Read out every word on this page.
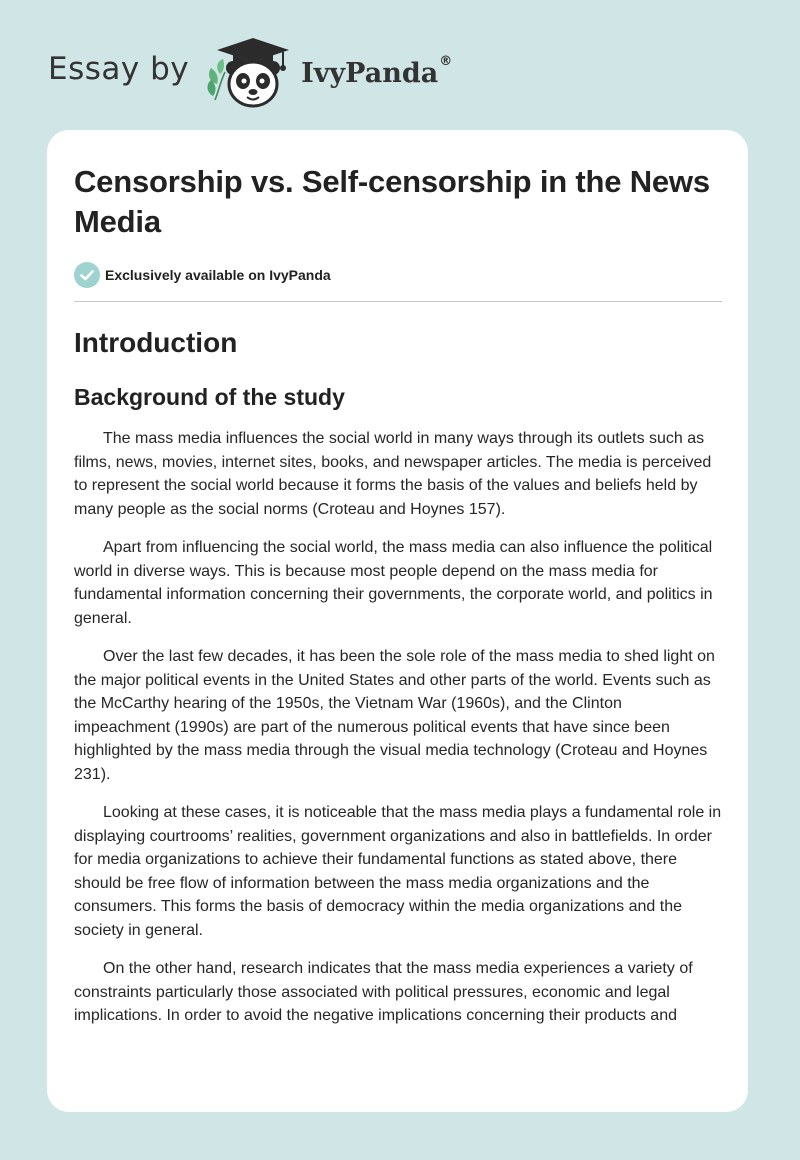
Essay by	IvyPanda®
Censorship vs. Self-censorship in the News Media
Exclusively available on IvyPanda
Introduction
Background of the study

The mass media influences the social world in many ways through its outlets such as films, news, movies, internet sites, books, and newspaper articles. The media is perceived to represent the social world because it forms the basis of the values and beliefs held by many people as the social norms (Croteau and Hoynes 157).

Apart from influencing the social world, the mass media can also influence the political world in diverse ways. This is because most people depend on the mass media for fundamental information concerning their governments, the corporate world, and politics in general.

Over the last few decades, it has been the sole role of the mass media to shed light on the major political events in the United States and other parts of the world. Events such as the McCarthy hearing of the 1950s, the Vietnam War (1960s), and the Clinton impeachment (1990s) are part of the numerous political events that have since been highlighted by the mass media through the visual media technology (Croteau and Hoynes 231).

Looking at these cases, it is noticeable that the mass media plays a fundamental role in displaying courtrooms’ realities, government organizations and also in battlefields. In order for media organizations to achieve their fundamental functions as stated above, there should be free flow of information between the mass media organizations and the consumers. This forms the basis of democracy within the media organizations and the society in general.

On the other hand, research indicates that the mass media experiences a variety of constraints particularly those associated with political pressures, economic and legal implications. In order to avoid the negative implications concerning their products and
